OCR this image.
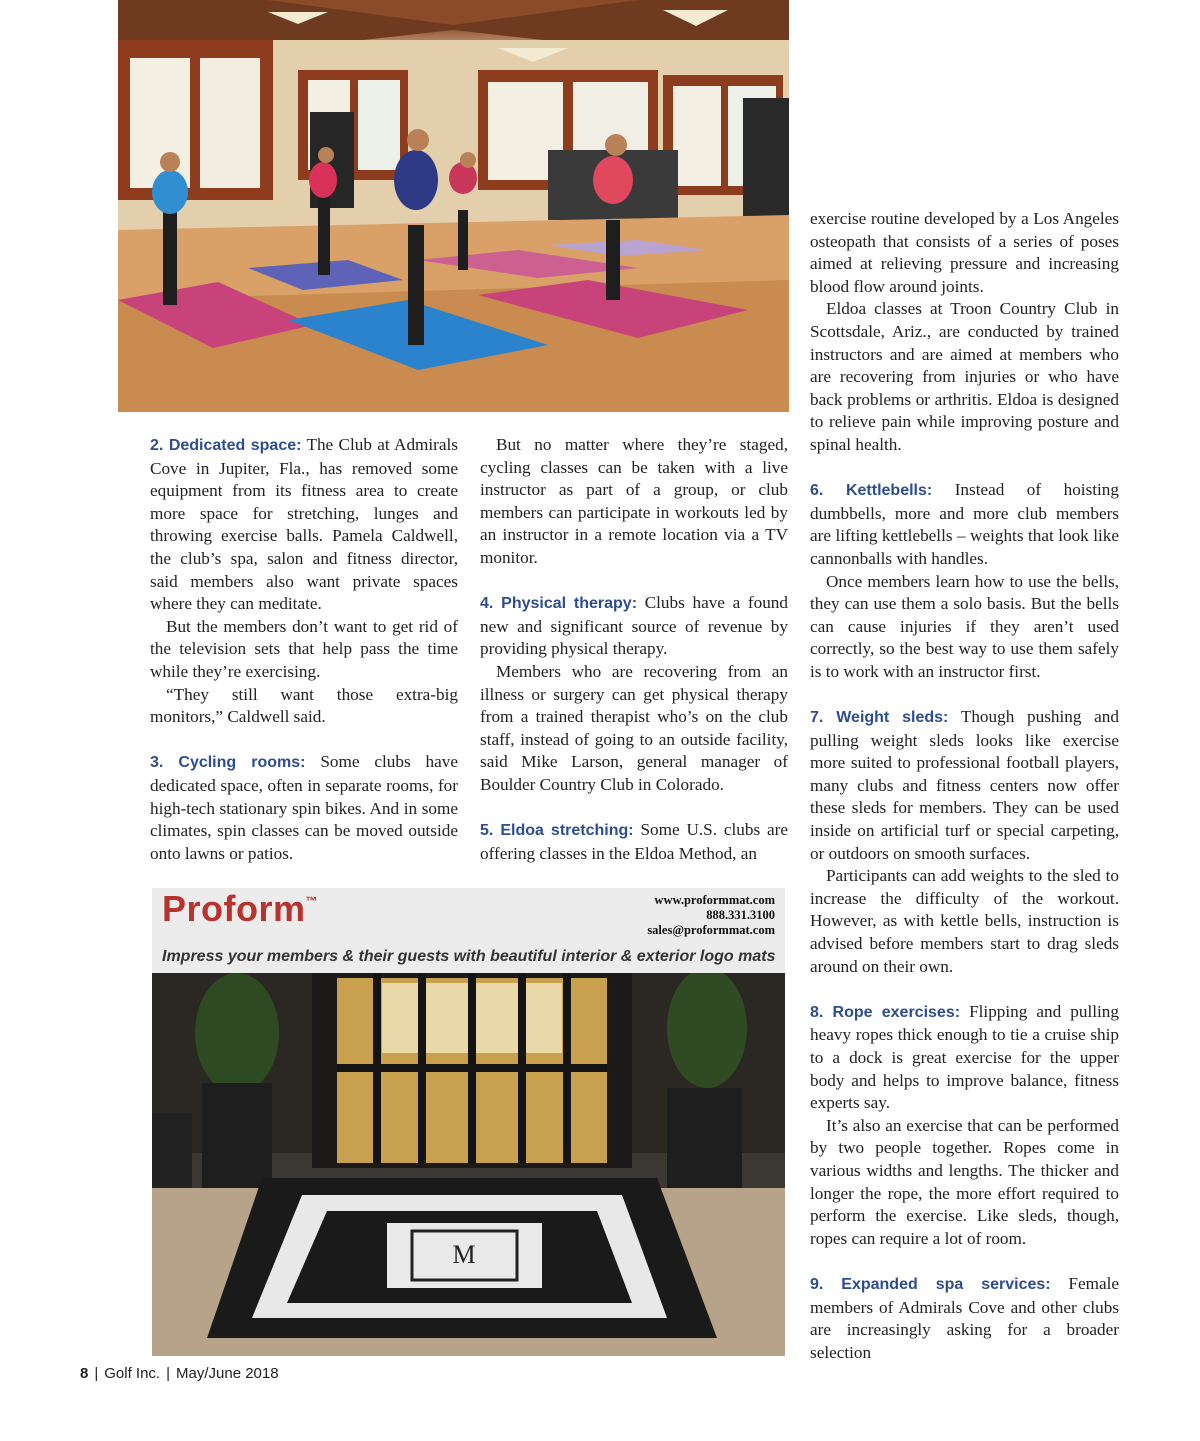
2. Dedicated space: The Club at Admirals Cove in Jupiter, Fla., has removed some equipment from its fitness area to create more space for stretching, lunges and throwing exercise balls. Pamela Caldwell, the club’s spa, salon and fitness director, said members also want private spaces where they can meditate.

But the members don’t want to get rid of the television sets that help pass the time while they’re exercising.

“They still want those extra-big monitors,” Caldwell said.

3. Cycling rooms: Some clubs have dedicated space, often in separate rooms, for high-tech stationary spin bikes. And in some climates, spin classes can be moved outside onto lawns or patios.

But no matter where they’re staged, cycling classes can be taken with a live instructor as part of a group, or club members can participate in workouts led by an instructor in a remote location via a TV monitor.

4. Physical therapy: Clubs have a found new and significant source of revenue by providing physical therapy.

Members who are recovering from an illness or surgery can get physical therapy from a trained therapist who’s on the club staff, instead of going to an outside facility, said Mike Larson, general manager of Boulder Country Club in Colorado.

5. Eldoa stretching: Some U.S. clubs are offering classes in the Eldoa Method, an

exercise routine developed by a Los Angeles osteopath that consists of a series of poses aimed at relieving pressure and increasing blood flow around joints.

Eldoa classes at Troon Country Club in Scottsdale, Ariz., are conducted by trained instructors and are aimed at members who are recovering from injuries or who have back problems or arthritis. Eldoa is designed to relieve pain while improving posture and spinal health.

6. Kettlebells: Instead of hoisting dumbbells, more and more club members are lifting kettlebells – weights that look like cannonballs with handles.

Once members learn how to use the bells, they can use them a solo basis. But the bells can cause injuries if they aren’t used correctly, so the best way to use them safely is to work with an instructor first.

7. Weight sleds: Though pushing and pulling weight sleds looks like exercise more suited to professional football players, many clubs and fitness centers now offer these sleds for members. They can be used inside on artificial turf or special carpeting, or outdoors on smooth surfaces.

Participants can add weights to the sled to increase the difficulty of the workout. However, as with kettle bells, instruction is advised before members start to drag sleds around on their own.

8. Rope exercises: Flipping and pulling heavy ropes thick enough to tie a cruise ship to a dock is great exercise for the upper body and helps to improve balance, fitness experts say.

It’s also an exercise that can be performed by two people together. Ropes come in various widths and lengths. The thicker and longer the rope, the more effort required to perform the exercise. Like sleds, though, ropes can require a lot of room.

9. Expanded spa services: Female members of Admirals Cove and other clubs are increasingly asking for a broader selection

Proform™	www.proformmat.com
888.331.3100
sales@proformmat.com
Impress your members & their guests with beautiful interior & exterior logo mats
M
8 | Golf Inc. | May/June 2018
